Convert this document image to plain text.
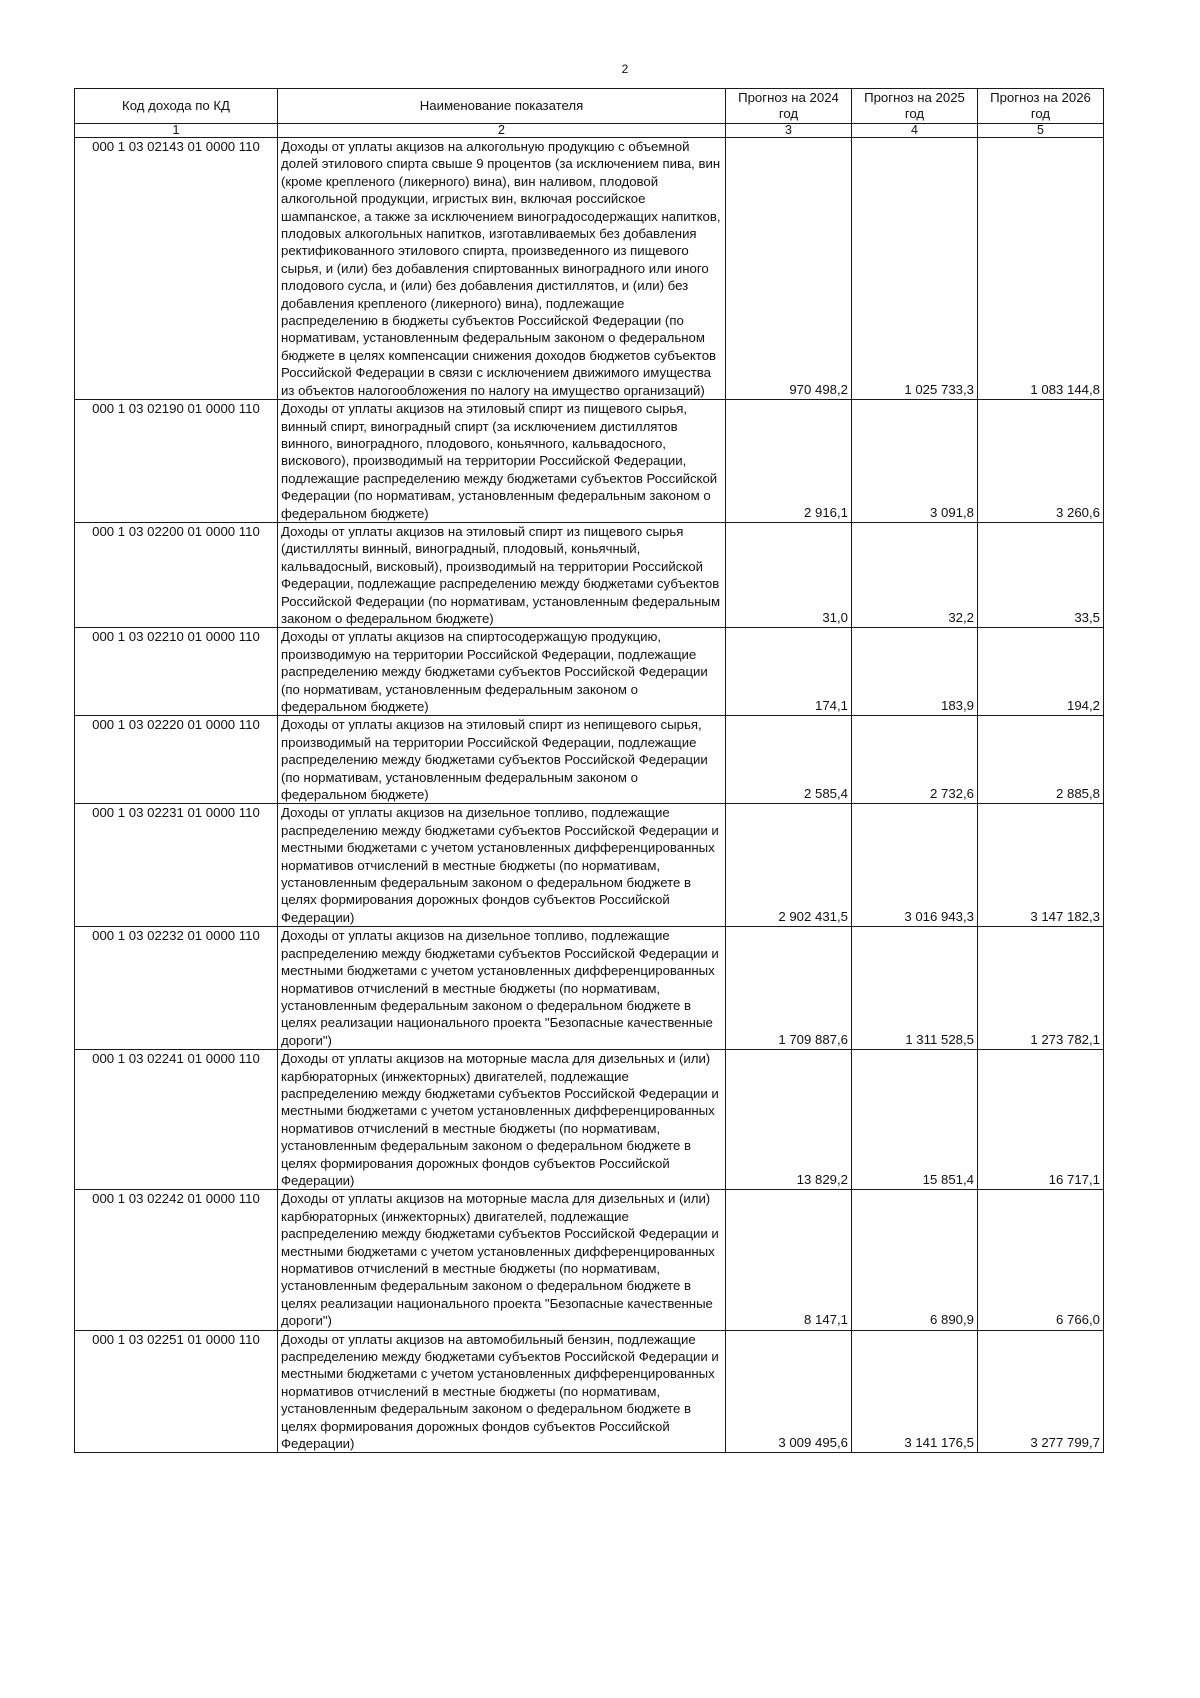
2
Код дохода по КД	Наименование показателя	Прогноз на 2024 год	Прогноз на 2025 год	Прогноз на 2026 год
1	2	3	4	5
000 1 03 02143 01 0000 110	Доходы от уплаты акцизов на алкогольную продукцию с объемной долей этилового спирта свыше 9 процентов (за исключением пива, вин (кроме крепленого (ликерного) вина), вин наливом, плодовой алкогольной продукции, игристых вин, включая российское шампанское, а также за исключением виноградосодержащих напитков, плодовых алкогольных напитков, изготавливаемых без добавления ректификованного этилового спирта, произведенного из пищевого сырья, и (или) без добавления спиртованных виноградного или иного плодового сусла, и (или) без добавления дистиллятов, и (или) без добавления крепленого (ликерного) вина), подлежащие распределению в бюджеты субъектов Российской Федерации (по нормативам, установленным федеральным законом о федеральном бюджете в целях компенсации снижения доходов бюджетов субъектов Российской Федерации в связи с исключением движимого имущества из объектов налогообложения по налогу на имущество организаций)	970 498,2	1 025 733,3	1 083 144,8
000 1 03 02190 01 0000 110	Доходы от уплаты акцизов на этиловый спирт из пищевого сырья, винный спирт, виноградный спирт (за исключением дистиллятов винного, виноградного, плодового, коньячного, кальвадосного, вискового), производимый на территории Российской Федерации, подлежащие распределению между бюджетами субъектов Российской Федерации (по нормативам, установленным федеральным законом о федеральном бюджете)	2 916,1	3 091,8	3 260,6
000 1 03 02200 01 0000 110	Доходы от уплаты акцизов на этиловый спирт из пищевого сырья (дистилляты винный, виноградный, плодовый, коньячный, кальвадосный, виcковый), производимый на территории Российской Федерации, подлежащие распределению между бюджетами субъектов Российской Федерации (по нормативам, установленным федеральным законом о федеральном бюджете)	31,0	32,2	33,5
000 1 03 02210 01 0000 110	Доходы от уплаты акцизов на спиртосодержащую продукцию, производимую на территории Российской Федерации, подлежащие распределению между бюджетами субъектов Российской Федерации (по нормативам, установленным федеральным законом о федеральном бюджете)	174,1	183,9	194,2
000 1 03 02220 01 0000 110	Доходы от уплаты акцизов на этиловый спирт из непищевого сырья, производимый на территории Российской Федерации, подлежащие распределению между бюджетами субъектов Российской Федерации (по нормативам, установленным федеральным законом о федеральном бюджете)	2 585,4	2 732,6	2 885,8
000 1 03 02231 01 0000 110	Доходы от уплаты акцизов на дизельное топливо, подлежащие распределению между бюджетами субъектов Российской Федерации и местными бюджетами с учетом установленных дифференцированных нормативов отчислений в местные бюджеты (по нормативам, установленным федеральным законом о федеральном бюджете в целях формирования дорожных фондов субъектов Российской Федерации)	2 902 431,5	3 016 943,3	3 147 182,3
000 1 03 02232 01 0000 110	Доходы от уплаты акцизов на дизельное топливо, подлежащие распределению между бюджетами субъектов Российской Федерации и местными бюджетами с учетом установленных дифференцированных нормативов отчислений в местные бюджеты (по нормативам, установленным федеральным законом о федеральном бюджете в целях реализации национального проекта "Безопасные качественные дороги")	1 709 887,6	1 311 528,5	1 273 782,1
000 1 03 02241 01 0000 110	Доходы от уплаты акцизов на моторные масла для дизельных и (или) карбюраторных (инжекторных) двигателей, подлежащие распределению между бюджетами субъектов Российской Федерации и местными бюджетами с учетом установленных дифференцированных нормативов отчислений в местные бюджеты (по нормативам, установленным федеральным законом о федеральном бюджете в целях формирования дорожных фондов субъектов Российской Федерации)	13 829,2	15 851,4	16 717,1
000 1 03 02242 01 0000 110	Доходы от уплаты акцизов на моторные масла для дизельных и (или) карбюраторных (инжекторных) двигателей, подлежащие распределению между бюджетами субъектов Российской Федерации и местными бюджетами с учетом установленных дифференцированных нормативов отчислений в местные бюджеты (по нормативам, установленным федеральным законом о федеральном бюджете в целях реализации национального проекта "Безопасные качественные дороги")	8 147,1	6 890,9	6 766,0
000 1 03 02251 01 0000 110	Доходы от уплаты акцизов на автомобильный бензин, подлежащие распределению между бюджетами субъектов Российской Федерации и местными бюджетами с учетом установленных дифференцированных нормативов отчислений в местные бюджеты (по нормативам, установленным федеральным законом о федеральном бюджете в целях формирования дорожных фондов субъектов Российской Федерации)	3 009 495,6	3 141 176,5	3 277 799,7
